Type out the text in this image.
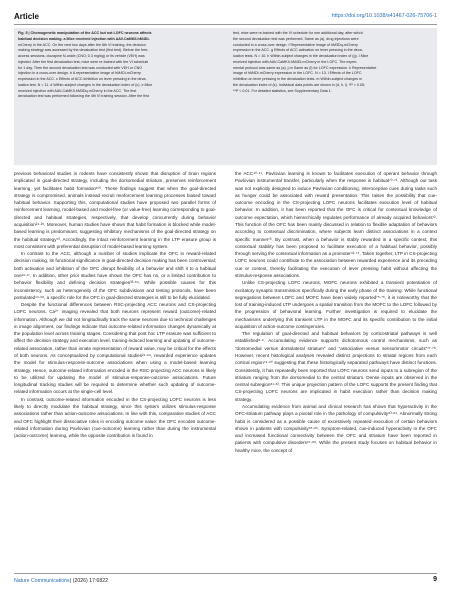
Article	https://doi.org/10.1038/s41467-026-75706-1
Fig. 5 | Chomogenetic manipulation of the ACC but not LOFC neurons affects
habitual decision making. a Mice received injection with AAV-CaMKII-hM4Di-
mCherry in the ACC. On the next two days after the 6th VI training, the decision
making strategy was assessed by the devaluation test (first test). Before the free-
access sessions, clozapine N-oxide (CNO; 0.3 mg/kg) or its vehicle (VEH) was
injected. After the first devaluation test, mice were re-trained with the VI schedule
for 1 day. Then the second devaluation test was conducted with VEH or CNO
injection in a cross-over design. b A representative image of hM4Di-mCherry
expression in the ACC. c Effects of ACC inhibition on lever pressing in the deva-
luation test. N = 11. d Within-subject changes in the devaluation index of (c). e Mice
received injection with AAV-CaMKII-hM3Dq-mCherry in the ACC. The first
devaluation test was performed following the 4th VI training session. After the first
test, mice were re-trained with the VI schedule for one additional day, after which
the second devaluation test was performed. Same as (a), drug injections were
conducted in a cross-over design. f Representative image of hM3Dq-mCherry
expression in the ACC. g Effects of ACC activation on lever pressing in the deva-
luation tests. N = 10. h Within-subject changes in the devaluation index of (g). i Mice
received injection with AAV-CaMKII-hM4Di-mCherry in the LOFC. The experi-
mental protocol was same as (a). j-m Same as (f) for LOFC expression. k Representative
image of hM4Di-mCherry expression in the LOFC. N = 13. l Effects of the LOFC
inhibition on lever pressing in the devaluation tests. m Within-subject changes in
the devaluation index of (k). Individual data points are shown in (d, h, l). *P < 0.05;
**P < 0.01. For detailed statistics, see Supplementary Data 1.

previous behavioral studies in rodents have consistently shown that disruption of brain regions implicated in goal-directed strategy, including the dorsomedial striatum, preserves reinforcement learning, yet facilitates habit formation¹⁰⁰. These findings suggest that when the goal-directed strategy is compromised, animals instead recruit reinforcement learning processes biased toward habitual behavior. Supporting this, computational studies have proposed two parallel forms of reinforcement learning, model-based and model-free (or value-free) learning corresponding to goal-directed and habitual strategies, respectively, that develop concurrently during behavior acquisition²⁴·²⁵. Moreover, human studies have shown that habit formation is blocked while model-based learning is predominant, suggesting inhibitory mechanisms of the goal-directed strategy on the habitual strategy⁷³. Accordingly, the intact reinforcement learning in the LTP erasure group is most consistent with preferential disruption of model-based learning system.

In contrast to the ACC, although a number of studies implicate the OFC in reward-related decision making, its functional significance in goal-directed decision making has been controversial; both activation and inhibition of the OFC disrupt flexibility of a behavior and shift it to a habitual one¹⁶·¹⁷. In addition, other prior studies have shown the OFC has no, or a limited contribution to behavior flexibility and defining decision strategies³³·⁸⁴. While possible causes for this inconsistency, such as heterogeneity of the OFC subdivisions and testing protocols, have been postulated¹⁴·⁶⁸, a specific role for the OFC in goal-directed strategies is still to be fully elucidated.

Despite the functional differences between RSC-projecting ACC neurons and CS-projecting LOFC neurons, Ca²⁺ imaging revealed that both neurons represent reward (outcome)-related information. Although we did not longitudinally track the same neurons due to technical challenges in image alignment, our findings indicate that outcome-related information changes dynamically at the population level across training stages. Considering that post hoc LTP erasure was sufficient to affect the decision strategy and execution level, training-induced learning and updating of outcome-related association, rather than innate representation of reward value, may be critical for the effects of both neurons. As conceptualized by computational studies²⁴·⁶⁹, rewarded experience updates the model for stimulus-response-outcome associations when using a model-based learning strategy. Hence, outcome-related information encoded in the RSC-projecting ACC neurons is likely to be utilized for updating the model of stimulus-response-outcome associations. Future longitudinal tracking studies will be required to determine whether such updating of outcome-related information occurs at the single-cell level.

In contrast, outcome-related information encoded in the CS-projecting LOFC neurons is less likely to directly modulate the habitual strategy, since this system utilizes stimulus-response associations rather than action-outcome associations. In line with this, comparative studies of ACC and OFC highlight their dissociative roles in encoding outcome value: the OFC encodes outcome-related information during Pavlovian (cue-outcome) learning rather than during the instrumental (action-outcome) learning, while the opposite contribution is found in

the ACC⁴⁰·⁴¹. Pavlovian learning is known to facilitates execution of operant behavior through Pavlovian instrumental transfer, particularly when the response is habitual⁷⁰·⁷¹. Although our task was not explicitly designed to induce Pavlovian conditioning, interoceptive cues during tasks such as hunger could be associated with reward presentation. This raises the possibility that cue-outcome encoding in the CS-projecting LOFC neurons facilitates execution level of habitual behavior. In addition, it has been reported that the OFC is critical for contextual knowledge of outcome expectation, which hierarchically regulates performance of already acquired behaviors⁷². This function of the OFC has been mainly discussed in relation to flexible adaptation of behaviors according to contextual discrimination, where subjects learn distinct associations in a context specific manner⁷³. By contrast, when a behavior is stably rewarded in a specific context, this contextual stability has been proposed to facilitate execution of a habitual behavior, possibly through serving the contextual information as a promoter⁴²·⁷⁴. Taken together, LTP in CS-projecting LOFC neurons could contribute to the association between rewarded experience and its preceding cue or context, thereby facilitating the execution of lever pressing habit without affecting the stimulus-response associations.

Unlike CS-projecting LOFC neurons, MOFC neurons exhibited a transient potentiation of excitatory synaptic transmission specifically during the early phase of the training. While functional segregations between LOFC and MOFC have been widely reported⁷⁵·⁷⁶, it is noteworthy that the lost of training-induced LTP undergoes a spatial transition from the MOFC to the LOFC followed by the progression of behavioral learning. Further investigation is required to elucidate the mechanisms underlying this transient LTP in the MOFC and its specific contribution to the initial acquisition of action-outcome contingencies.

The regulation of goal-directed and habitual behaviors by corticostriatal pathways is well established⁸·⁹. Accumulating evidence supports dichotomous control mechanisms, such as “dorsomedial versus dorsolateral striatum” and “associative versus sensorimotor circuits”⁷⁷·⁷⁸. However, recent histological analyses revealed distinct projections to striatal regions from each cortical region⁷⁹·⁸⁰ suggesting that these histologically separated pathways have distinct functions. Consistently, it has repeatedly been reported that LOFC neurons send inputs to a subregion of the striatum ranging from the dorsomedial to the central striatum. Dense inputs are observed in the central subregion⁸¹·⁸². This unique projection pattern of the LOFC supports the present finding that CS-projecting LOFC neurons are implicated in habit execution rather than decision making strategy.

Accumulating evidence from animal and clinical research has shown that hyperactivity in the OFC-striatum pathway plays a pivotal role in the pathology of compulsivity⁸³·⁸⁴. Abnormally strong habit is considered as a possible cause of excessively repeated execution of certain behaviors shown in patients with compulsivity⁸⁵·⁸⁶. Symptom-related, cue-induced hyperactivity in the OFC and increased functional connectivity between the OFC and striatum have been reported in patients with compulsive disorders⁸⁷·⁸⁸. While the present study focuses on habitual behavior in healthy mice, the concept of

Nature Communications | (2026) 17:6822	9
